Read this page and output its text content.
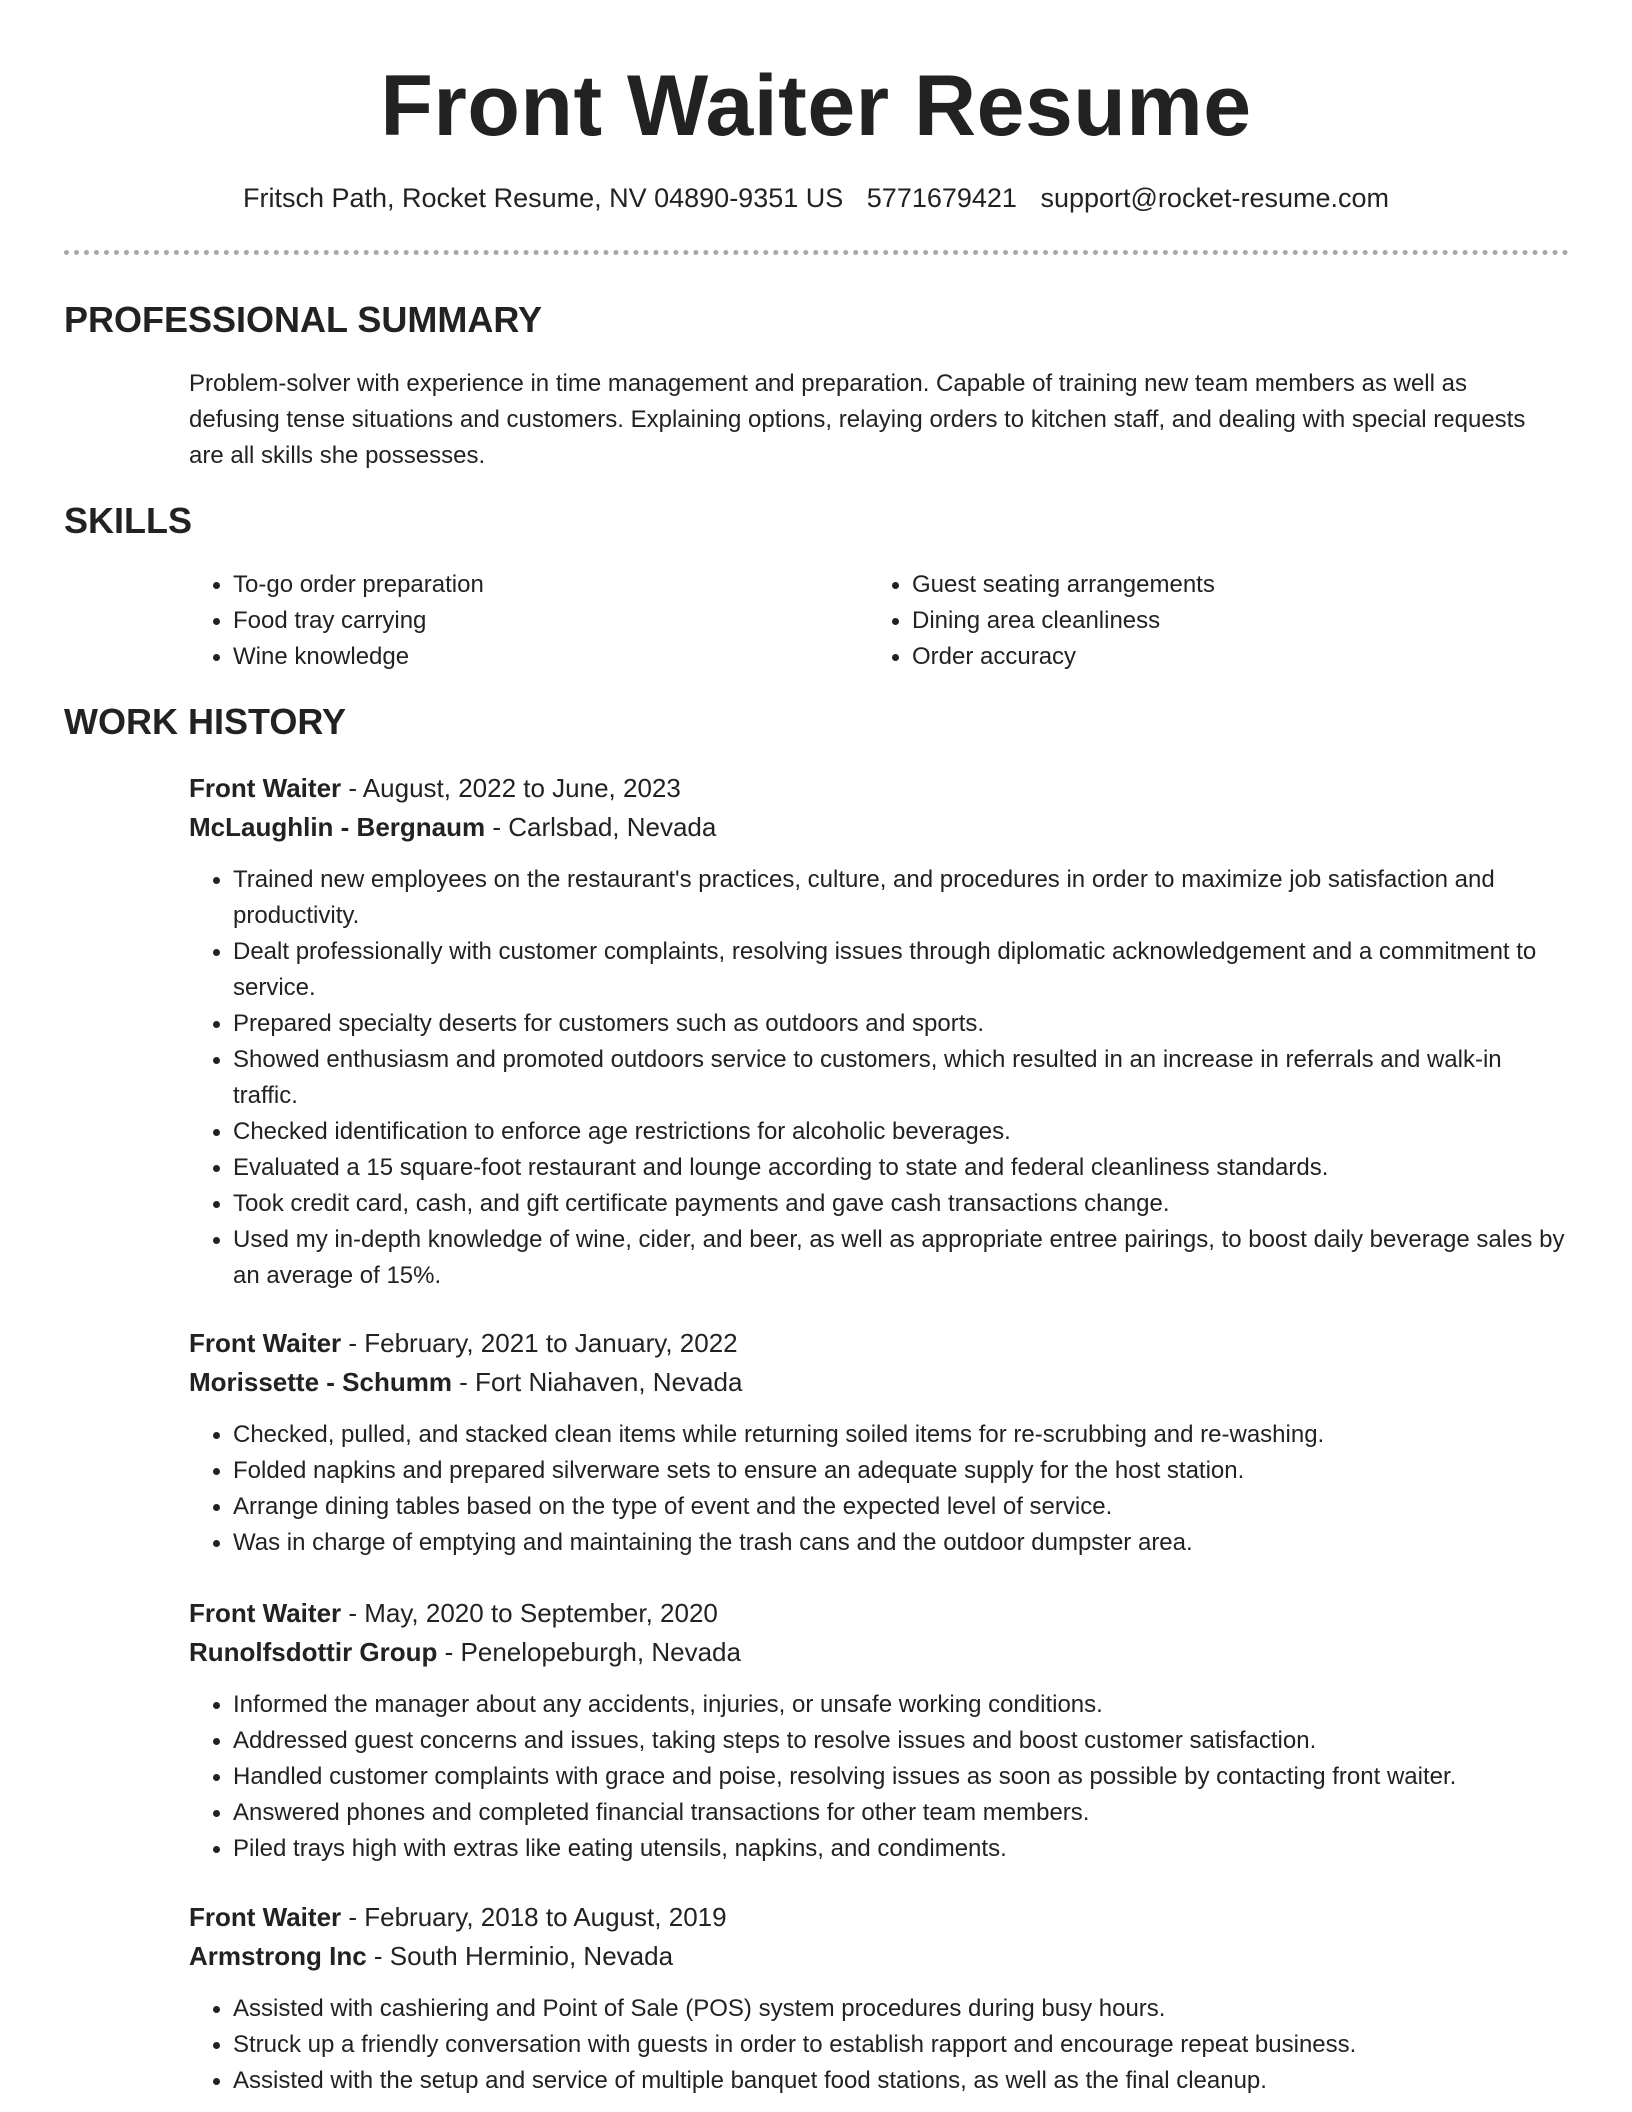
Front Waiter Resume
Fritsch Path, Rocket Resume, NV 04890-9351 US 5771679421 support@rocket-resume.com
PROFESSIONAL SUMMARY
Problem-solver with experience in time management and preparation. Capable of training new team members as well as defusing tense situations and customers. Explaining options, relaying orders to kitchen staff, and dealing with special requests are all skills she possesses.
SKILLS
• To-go order preparation
• Food tray carrying
• Wine knowledge
• Guest seating arrangements
• Dining area cleanliness
• Order accuracy
WORK HISTORY
Front Waiter - August, 2022 to June, 2023
McLaughlin - Bergnaum - Carlsbad, Nevada
• Trained new employees on the restaurant's practices, culture, and procedures in order to maximize job satisfaction and productivity.
• Dealt professionally with customer complaints, resolving issues through diplomatic acknowledgement and a commitment to service.
• Prepared specialty deserts for customers such as outdoors and sports.
• Showed enthusiasm and promoted outdoors service to customers, which resulted in an increase in referrals and walk-in traffic.
• Checked identification to enforce age restrictions for alcoholic beverages.
• Evaluated a 15 square-foot restaurant and lounge according to state and federal cleanliness standards.
• Took credit card, cash, and gift certificate payments and gave cash transactions change.
• Used my in-depth knowledge of wine, cider, and beer, as well as appropriate entree pairings, to boost daily beverage sales by an average of 15%.
Front Waiter - February, 2021 to January, 2022
Morissette - Schumm - Fort Niahaven, Nevada
• Checked, pulled, and stacked clean items while returning soiled items for re-scrubbing and re-washing.
• Folded napkins and prepared silverware sets to ensure an adequate supply for the host station.
• Arrange dining tables based on the type of event and the expected level of service.
• Was in charge of emptying and maintaining the trash cans and the outdoor dumpster area.
Front Waiter - May, 2020 to September, 2020
Runolfsdottir Group - Penelopeburgh, Nevada
• Informed the manager about any accidents, injuries, or unsafe working conditions.
• Addressed guest concerns and issues, taking steps to resolve issues and boost customer satisfaction.
• Handled customer complaints with grace and poise, resolving issues as soon as possible by contacting front waiter.
• Answered phones and completed financial transactions for other team members.
• Piled trays high with extras like eating utensils, napkins, and condiments.
Front Waiter - February, 2018 to August, 2019
Armstrong Inc - South Herminio, Nevada
• Assisted with cashiering and Point of Sale (POS) system procedures during busy hours.
• Struck up a friendly conversation with guests in order to establish rapport and encourage repeat business.
• Assisted with the setup and service of multiple banquet food stations, as well as the final cleanup.
